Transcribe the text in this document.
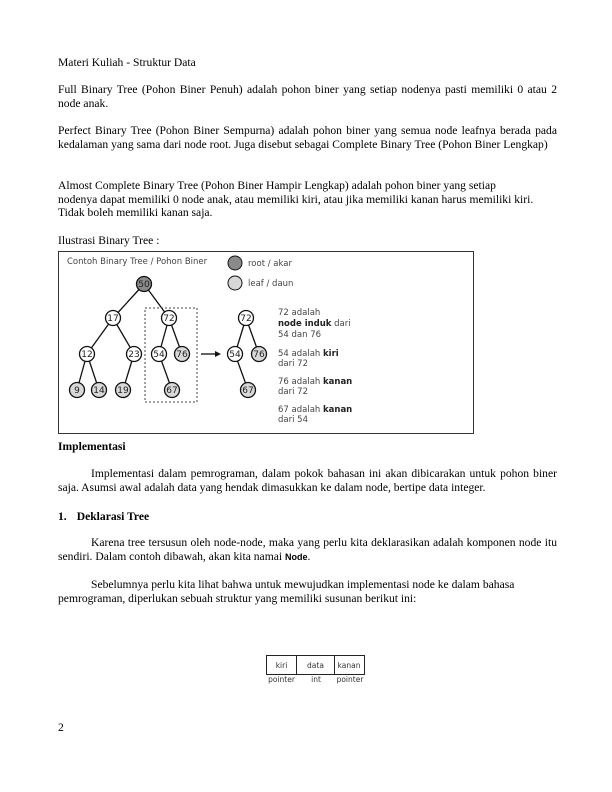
Materi Kuliah - Struktur Data
Full Binary Tree (Pohon Biner Penuh) adalah pohon biner yang setiap nodenya pasti memiliki 0 atau 2 node anak.
Perfect Binary Tree (Pohon Biner Sempurna) adalah pohon biner yang semua node leafnya berada pada kedalaman yang sama dari node root. Juga disebut sebagai Complete Binary Tree (Pohon Biner Lengkap)
Almost Complete Binary Tree (Pohon Biner Hampir Lengkap) adalah pohon biner yang setiap nodenya dapat memiliki 0 node anak, atau memiliki kiri, atau jika memiliki kanan harus memiliki kiri.
Tidak boleh memiliki kanan saja.
Ilustrasi Binary Tree :
Contoh Binary Tree / Pohon Biner	root / akar
leaf / daun
50
17	72
12	23 54 76
9 14 19	67
72
54 76
67
72 adalah
node induk dari
54 dan 76
54 adalah kiri
dari 72
76 adalah kanan
dari 72
67 adalah kanan
dari 54
Implementasi
Implementasi dalam pemrograman, dalam pokok bahasan ini akan dibicarakan untuk pohon biner saja. Asumsi awal adalah data yang hendak dimasukkan ke dalam node, bertipe data integer.
1. Deklarasi Tree
Karena tree tersusun oleh node-node, maka yang perlu kita deklarasikan adalah komponen node itu sendiri. Dalam contoh dibawah, akan kita namai Node.
Sebelumnya perlu kita lihat bahwa untuk mewujudkan implementasi node ke dalam bahasa pemrograman, diperlukan sebuah struktur yang memiliki susunan berikut ini:
kiri	data	kanan
pointer	int	pointer
2
